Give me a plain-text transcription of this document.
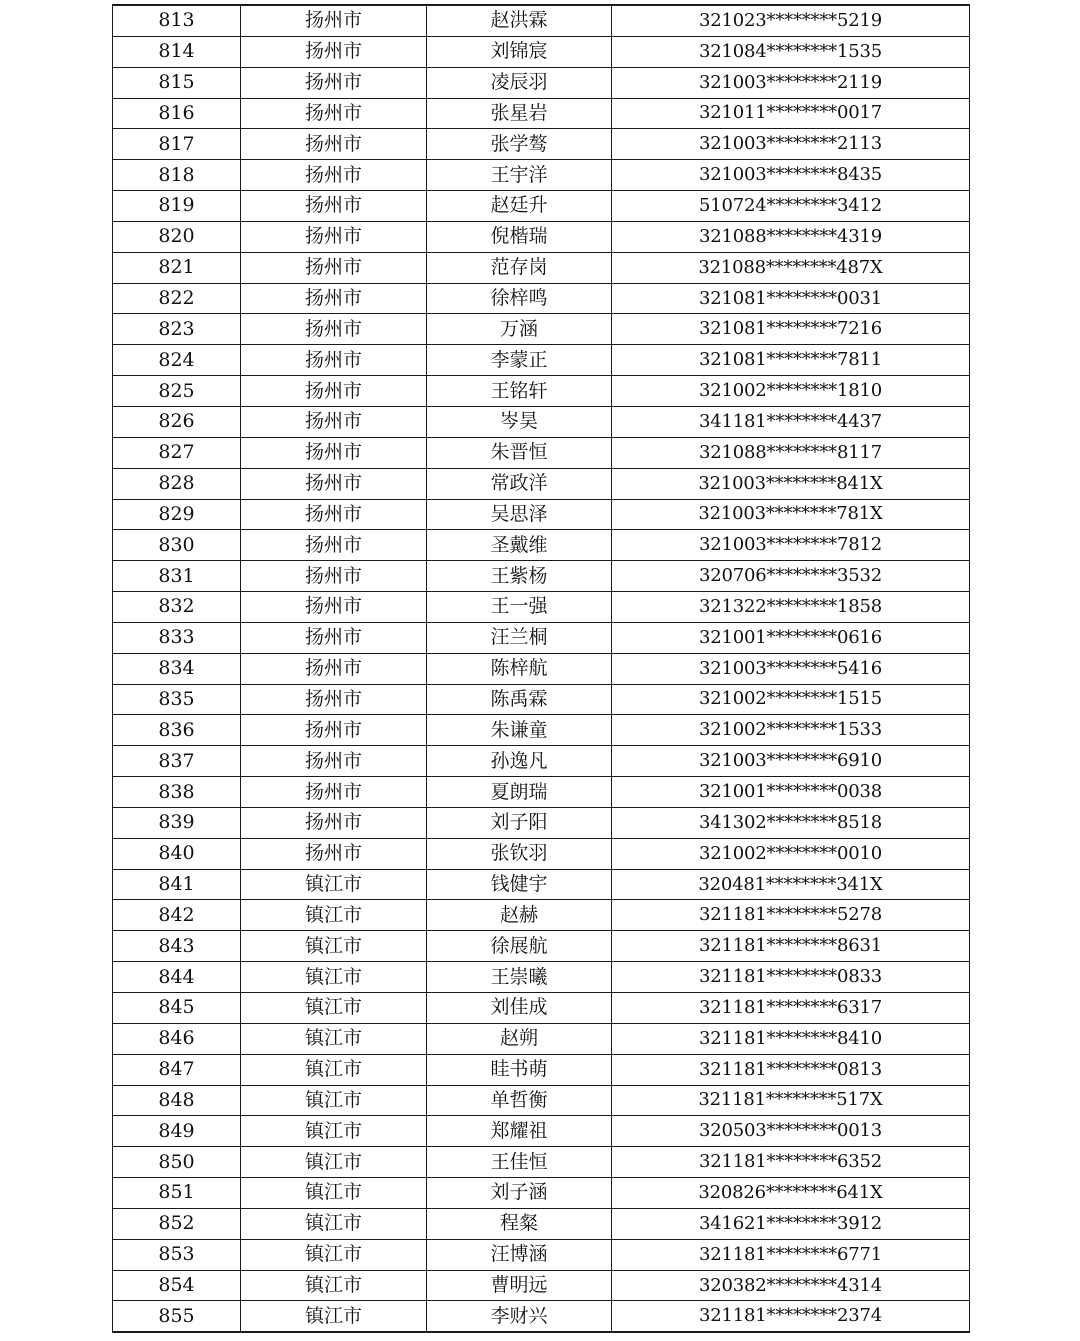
813	扬州市	赵洪霖	321023********5219
814	扬州市	刘锦宸	321084********1535
815	扬州市	凌辰羽	321003********2119
816	扬州市	张星岩	321011********0017
817	扬州市	张学骜	321003********2113
818	扬州市	王宇洋	321003********8435
819	扬州市	赵廷升	510724********3412
820	扬州市	倪楷瑞	321088********4319
821	扬州市	范存岗	321088********487X
822	扬州市	徐梓鸣	321081********0031
823	扬州市	万涵	321081********7216
824	扬州市	李蒙正	321081********7811
825	扬州市	王铭轩	321002********1810
826	扬州市	岑昊	341181********4437
827	扬州市	朱晋恒	321088********8117
828	扬州市	常政洋	321003********841X
829	扬州市	吴思泽	321003********781X
830	扬州市	圣戴维	321003********7812
831	扬州市	王紫杨	320706********3532
832	扬州市	王一强	321322********1858
833	扬州市	汪兰桐	321001********0616
834	扬州市	陈梓航	321003********5416
835	扬州市	陈禹霖	321002********1515
836	扬州市	朱谦童	321002********1533
837	扬州市	孙逸凡	321003********6910
838	扬州市	夏朗瑞	321001********0038
839	扬州市	刘子阳	341302********8518
840	扬州市	张钦羽	321002********0010
841	镇江市	钱健宇	320481********341X
842	镇江市	赵赫	321181********5278
843	镇江市	徐展航	321181********8631
844	镇江市	王崇曦	321181********0833
845	镇江市	刘佳成	321181********6317
846	镇江市	赵朔	321181********8410
847	镇江市	眭书萌	321181********0813
848	镇江市	单哲衡	321181********517X
849	镇江市	郑耀祖	320503********0013
850	镇江市	王佳恒	321181********6352
851	镇江市	刘子涵	320826********641X
852	镇江市	程粲	341621********3912
853	镇江市	汪博涵	321181********6771
854	镇江市	曹明远	320382********4314
855	镇江市	李财兴	321181********2374
